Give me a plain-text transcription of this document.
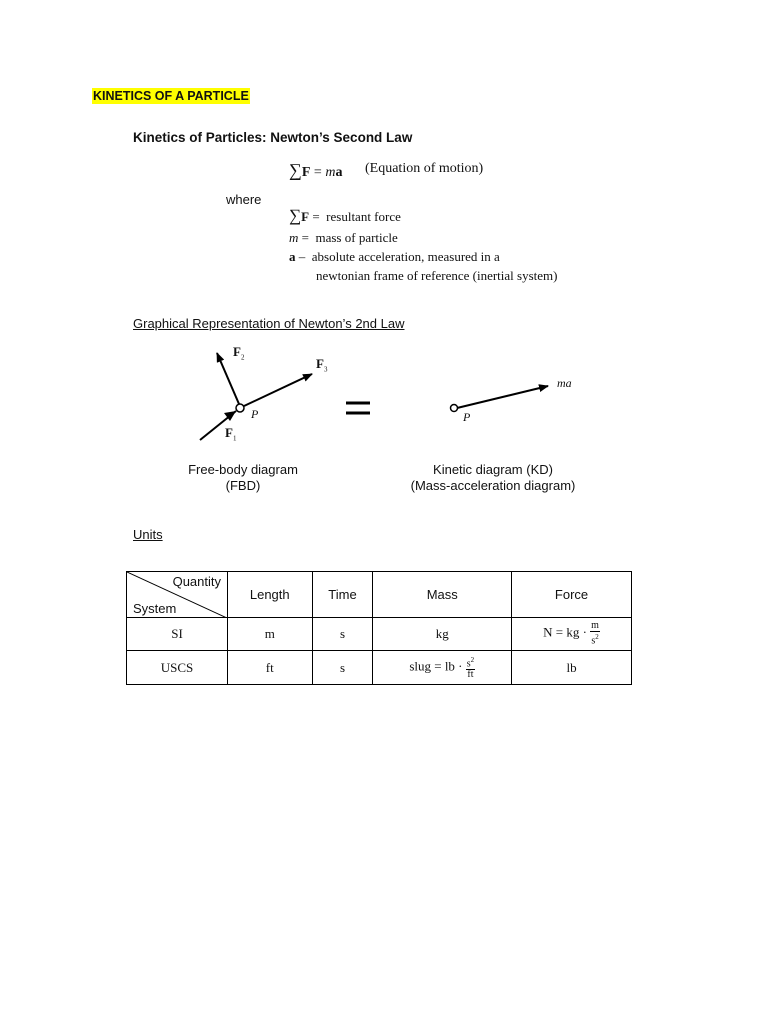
KINETICS OF A PARTICLE
Kinetics of Particles: Newton’s Second Law
∑F = ma (Equation of motion)
where
∑F =  resultant force
m =  mass of particle
a –  absolute acceleration, measured in a
newtonian frame of reference (inertial system)
Graphical Representation of Newton’s 2nd Law
$F_2$	$F_3$
$F_1$
P
ma
P
Free-body diagram
(FBD)
Kinetic diagram (KD)
(Mass-acceleration diagram)
Units
Quantity
System	Length	Time	Mass	Force
SI	m	s	kg	N = kg · $\frac{m}{s^2}$

USCS	ft	s	slug = lb · $\frac{s^2}{ft}$	lb
